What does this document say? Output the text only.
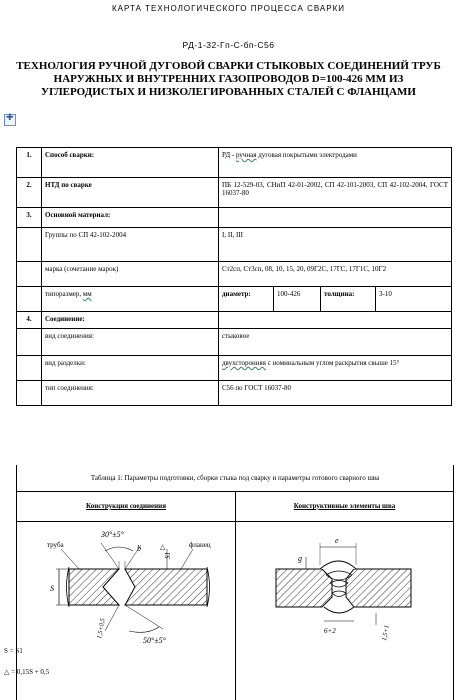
КАРТА ТЕХНОЛОГИЧЕСКОГО ПРОЦЕССА СВАРКИ
РД-1-32-Гп-С-бп-С56
ТЕХНОЛОГИЯ РУЧНОЙ ДУГОВОЙ СВАРКИ СТЫКОВЫХ СОЕДИНЕНИЙ ТРУБ НАРУЖНЫХ И ВНУТРЕННИХ ГАЗОПРОВОДОВ D=100-426 ММ ИЗ УГЛЕРОДИСТЫХ И НИЗКОЛЕГИРОВАННЫХ СТАЛЕЙ С ФЛАНЦАМИ
✚
1.	Способ сварки:	РД - ручная дуговая покрытыми электродами			
2.	НТД по сварке	ПБ 12-529-03, СНиП 42-01-2002, СП 42-101-2003, СП 42-102-2004, ГОСТ 16037-80			
3.	Основной материал:				
	Группы по СП 42-102-2004	I, II, III			
	марка (сочетание марок)	Ст2сп, Ст3сп, 08, 10, 15, 20, 09Г2С, 17ГС, 17Г1С, 10Г2			
	типоразмер, мм	диаметр:	100-426	толщина:	3-10
4.	Соединение:				
	вид соединения:	стыковое			
	вид разделки:	двухсторонняя с номинальным углом раскрытия свыше 15°			
	тип соединения:	С56 по ГОСТ 16037-80			
Таблица 1: Параметры подготовки, сборки стыка под сварку и параметры готового сварного шва
Конструкция соединения	Конструктивные элементы шва
S
S1
△
30°±5°
b
труба	фланец
50°±5°
1,5+0,5
e
g
6+2	1,5+1
S = S1
△ = 0,15S + 0,5
